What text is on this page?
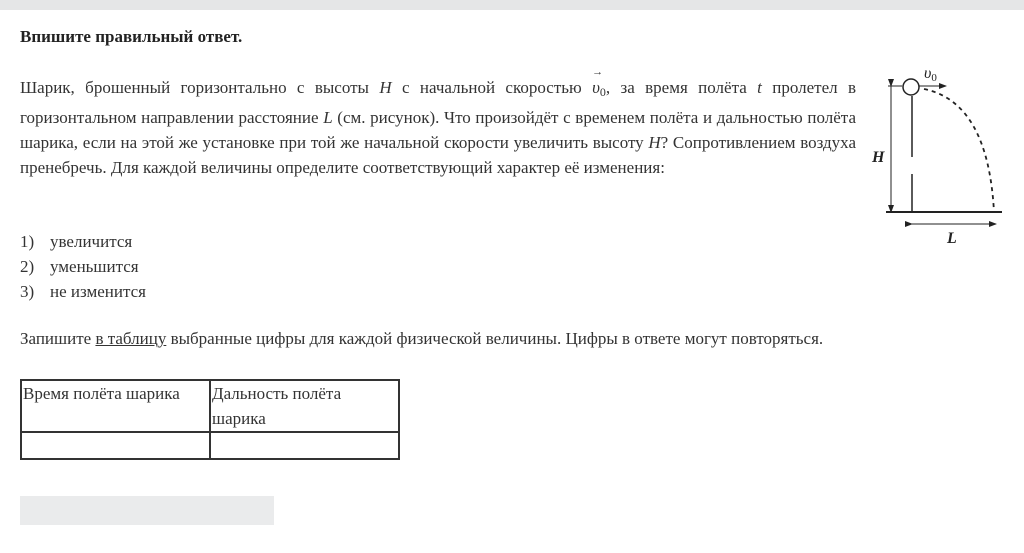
Впишите правильный ответ.

Шарик, брошенный горизонтально с высоты H с начальной скоростью → $\upsilon_0$, за время полёта t пролетел в горизонтальном направлении расстояние L (см. рисунок). Что произойдёт с временем полёта и дальностью полёта шарика, если на этой же установке при той же начальной скорости увеличить высоту H? Сопротивлением воздуха пренебречь. Для каждой величины определите соответствующий характер её изменения:

H
υ0
L
1) увеличится
2) уменьшится
3) не изменится

Запишите в таблицу выбранные цифры для каждой физической величины. Цифры в ответе могут повторяться.

Время полёта шарика	Дальность полёта шарика
